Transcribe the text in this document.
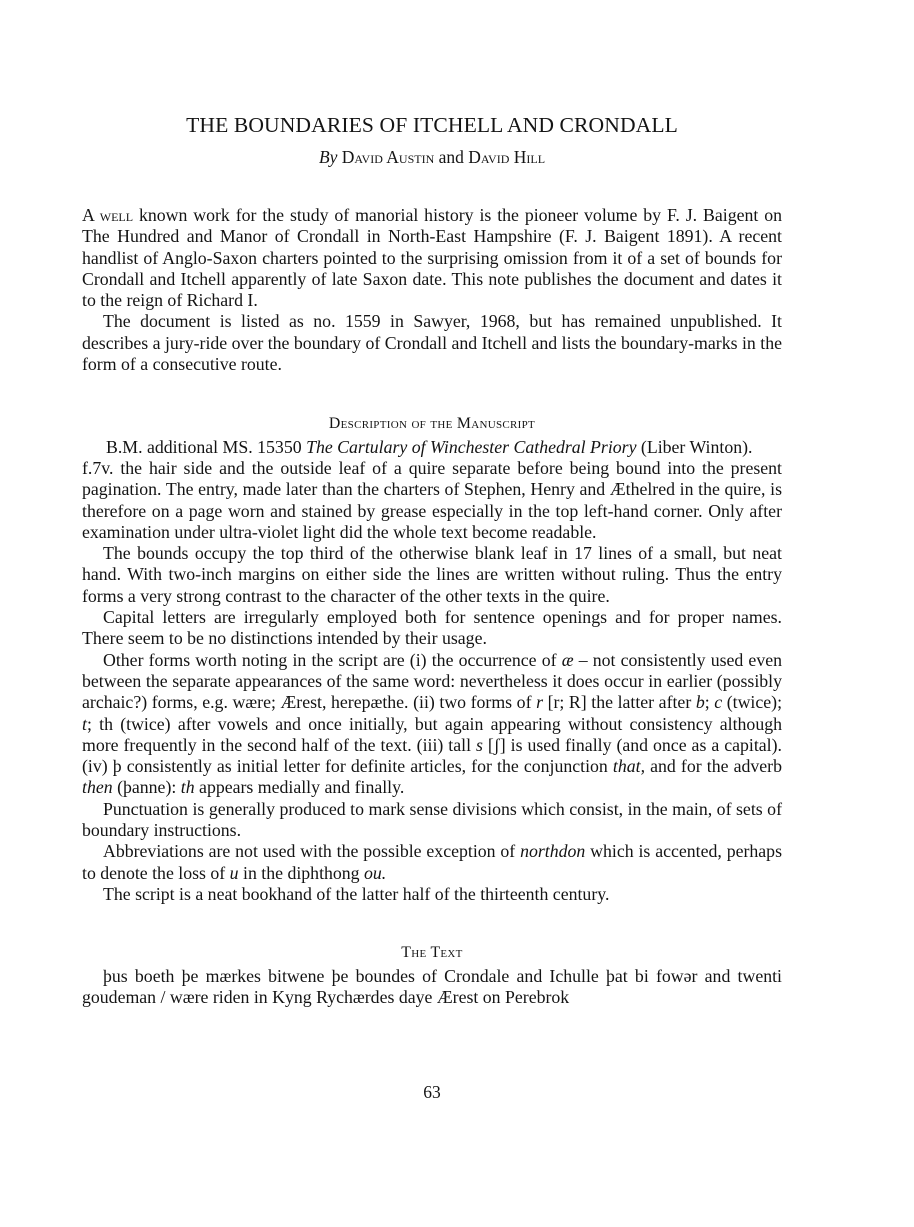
THE BOUNDARIES OF ITCHELL AND CRONDALL
By David Austin and David Hill

A well known work for the study of manorial history is the pioneer volume by F. J. Baigent on The Hundred and Manor of Crondall in North-East Hampshire (F. J. Baigent 1891). A recent handlist of Anglo-Saxon charters pointed to the surprising omission from it of a set of bounds for Crondall and Itchell apparently of late Saxon date. This note publishes the document and dates it to the reign of Richard I.

The document is listed as no. 1559 in Sawyer, 1968, but has remained unpublished. It describes a jury-ride over the boundary of Crondall and Itchell and lists the boundary-marks in the form of a consecutive route.

Description of the Manuscript

B.M. additional MS. 15350 The Cartulary of Winchester Cathedral Priory (Liber Winton).

f.7v. the hair side and the outside leaf of a quire separate before being bound into the present pagination. The entry, made later than the charters of Stephen, Henry and Æthelred in the quire, is therefore on a page worn and stained by grease especially in the top left-hand corner. Only after examination under ultra-violet light did the whole text become readable.

The bounds occupy the top third of the otherwise blank leaf in 17 lines of a small, but neat hand. With two-inch margins on either side the lines are written without ruling. Thus the entry forms a very strong contrast to the character of the other texts in the quire.

Capital letters are irregularly employed both for sentence openings and for proper names. There seem to be no distinctions intended by their usage.

Other forms worth noting in the script are (i) the occurrence of æ – not consistently used even between the separate appearances of the same word: nevertheless it does occur in earlier (possibly archaic?) forms, e.g. wære; Ærest, herepæthe. (ii) two forms of r [r; R] the latter after b; c (twice); t; th (twice) after vowels and once initially, but again appearing without consistency although more frequently in the second half of the text. (iii) tall s [ʃ] is used finally (and once as a capital). (iv) þ consistently as initial letter for definite articles, for the conjunction that, and for the adverb then (þanne): th appears medially and finally.

Punctuation is generally produced to mark sense divisions which consist, in the main, of sets of boundary instructions.

Abbreviations are not used with the possible exception of northdon which is accented, perhaps to denote the loss of u in the diphthong ou.

The script is a neat bookhand of the latter half of the thirteenth century.

The Text

þus boeth þe mærkes bitwene þe boundes of Crondale and Ichulle þat bi fowər and twenti goudeman / wære riden in Kyng Rychærdes daye Ærest on Perebrok

63
